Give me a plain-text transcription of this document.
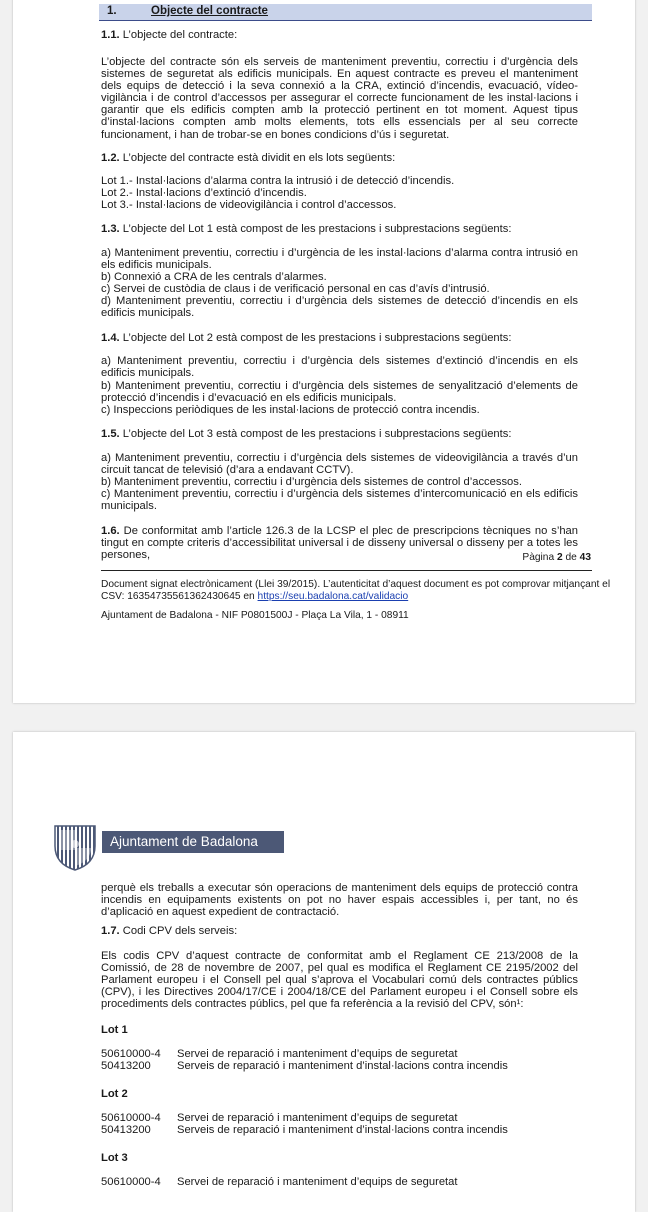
1.	Objecte del contracte
1.1. L’objecte del contracte:
L’objecte del contracte són els serveis de manteniment preventiu, correctiu i d’urgència dels sistemes de seguretat als edificis municipals. En aquest contracte es preveu el manteniment dels equips de detecció i la seva connexió a la CRA, extinció d’incendis, evacuació, vídeo-vigilància i de control d’accessos per assegurar el correcte funcionament de les instal·lacions i garantir que els edificis compten amb la protecció pertinent en tot moment. Aquest tipus d’instal·lacions compten amb molts elements, tots ells essencials per al seu correcte funcionament, i han de trobar-se en bones condicions d’ús i seguretat.
1.2. L’objecte del contracte està dividit en els lots següents:
Lot 1.- Instal·lacions d’alarma contra la intrusió i de detecció d’incendis.
Lot 2.- Instal·lacions d’extinció d’incendis.
Lot 3.- Instal·lacions de videovigilància i control d’accessos.
1.3. L’objecte del Lot 1 està compost de les prestacions i subprestacions següents:
a) Manteniment preventiu, correctiu i d’urgència de les instal·lacions d’alarma contra intrusió en els edificis municipals.
b) Connexió a CRA de les centrals d’alarmes.
c) Servei de custòdia de claus i de verificació personal en cas d’avís d’intrusió.
d) Manteniment preventiu, correctiu i d’urgència dels sistemes de detecció d’incendis en els edificis municipals.
1.4. L’objecte del Lot 2 està compost de les prestacions i subprestacions següents:
a) Manteniment preventiu, correctiu i d’urgència dels sistemes d’extinció d’incendis en els edificis municipals.
b) Manteniment preventiu, correctiu i d’urgència dels sistemes de senyalització d’elements de protecció d’incendis i d’evacuació en els edificis municipals.
c) Inspeccions periòdiques de les instal·lacions de protecció contra incendis.
1.5. L’objecte del Lot 3 està compost de les prestacions i subprestacions següents:
a) Manteniment preventiu, correctiu i d’urgència dels sistemes de videovigilància a través d’un circuit tancat de televisió (d’ara a endavant CCTV).
b) Manteniment preventiu, correctiu i d’urgència dels sistemes de control d’accessos.
c) Manteniment preventiu, correctiu i d’urgència dels sistemes d’intercomunicació en els edificis municipals.
1.6. De conformitat amb l’article 126.3 de la LCSP el plec de prescripcions tècniques no s’han tingut en compte criteris d’accessibilitat universal i de disseny universal o disseny per a totes les persones,	Pàgina 2 de 43
Document signat electrònicament (Llei 39/2015). L’autenticitat d’aquest document es pot comprovar mitjançant el
CSV: 16354735561362430645 en https://seu.badalona.cat/validacio
Ajuntament de Badalona - NIF P0801500J - Plaça La Vila, 1 - 08911
Ajuntament de Badalona
perquè els treballs a executar són operacions de manteniment dels equips de protecció contra incendis en equipaments existents on pot no haver espais accessibles i, per tant, no és d’aplicació en aquest expedient de contractació.
1.7. Codi CPV dels serveis:
Els codis CPV d’aquest contracte de conformitat amb el Reglament CE 213/2008 de la Comissió, de 28 de novembre de 2007, pel qual es modifica el Reglament CE 2195/2002 del Parlament europeu i el Consell pel qual s’aprova el Vocabulari comú dels contractes públics (CPV), i les Directives 2004/17/CE i 2004/18/CE del Parlament europeu i el Consell sobre els procediments dels contractes públics, pel que fa referència a la revisió del CPV, són¹:
Lot 1
50610000-4 Servei de reparació i manteniment d’equips de seguretat
50413200 Serveis de reparació i manteniment d’instal·lacions contra incendis
Lot 2
50610000-4 Servei de reparació i manteniment d’equips de seguretat
50413200 Serveis de reparació i manteniment d’instal·lacions contra incendis
Lot 3
50610000-4 Servei de reparació i manteniment d’equips de seguretat
